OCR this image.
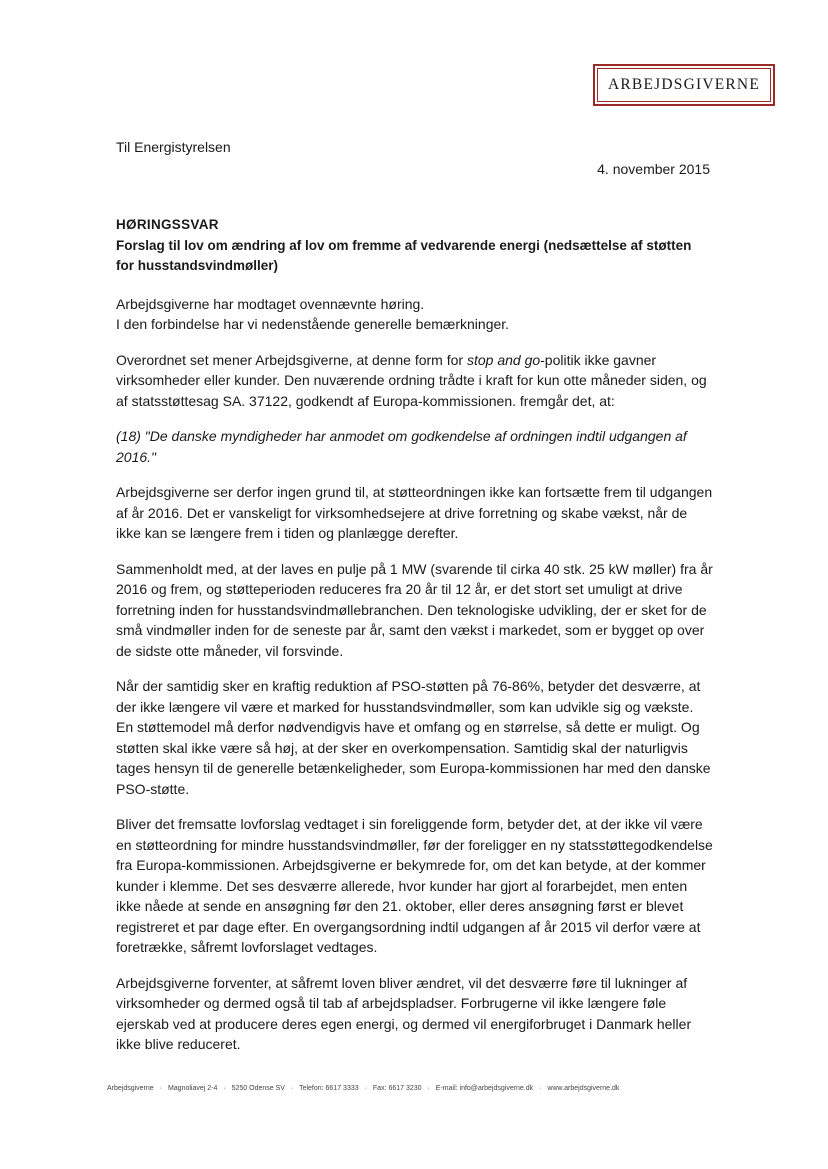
ARBEJDSGIVERNE
Til Energistyrelsen
4. november 2015
HØRINGSSVAR
Forslag til lov om ændring af lov om fremme af vedvarende energi (nedsættelse af støtten for husstandsvindmøller)

Arbejdsgiverne har modtaget ovennævnte høring.
I den forbindelse har vi nedenstående generelle bemærkninger.

Overordnet set mener Arbejdsgiverne, at denne form for stop and go-politik ikke gavner virksomheder eller kunder. Den nuværende ordning trådte i kraft for kun otte måneder siden, og af statsstøttesag SA. 37122, godkendt af Europa-kommissionen. fremgår det, at:

(18) "De danske myndigheder har anmodet om godkendelse af ordningen indtil udgangen af 2016."

Arbejdsgiverne ser derfor ingen grund til, at støtteordningen ikke kan fortsætte frem til udgangen af år 2016. Det er vanskeligt for virksomhedsejere at drive forretning og skabe vækst, når de ikke kan se længere frem i tiden og planlægge derefter.

Sammenholdt med, at der laves en pulje på 1 MW (svarende til cirka 40 stk. 25 kW møller) fra år 2016 og frem, og støtteperioden reduceres fra 20 år til 12 år, er det stort set umuligt at drive forretning inden for husstandsvindmøllebranchen. Den teknologiske udvikling, der er sket for de små vindmøller inden for de seneste par år, samt den vækst i markedet, som er bygget op over de sidste otte måneder, vil forsvinde.

Når der samtidig sker en kraftig reduktion af PSO-støtten på 76-86%, betyder det desværre, at der ikke længere vil være et marked for husstandsvindmøller, som kan udvikle sig og vækste. En støttemodel må derfor nødvendigvis have et omfang og en størrelse, så dette er muligt. Og støtten skal ikke være så høj, at der sker en overkompensation. Samtidig skal der naturligvis tages hensyn til de generelle betænkeligheder, som Europa-kommissionen har med den danske PSO-støtte.

Bliver det fremsatte lovforslag vedtaget i sin foreliggende form, betyder det, at der ikke vil være en støtteordning for mindre husstandsvindmøller, før der foreligger en ny statsstøttegodkendelse fra Europa-kommissionen. Arbejdsgiverne er bekymrede for, om det kan betyde, at der kommer kunder i klemme. Det ses desværre allerede, hvor kunder har gjort al forarbejdet, men enten ikke nåede at sende en ansøgning før den 21. oktober, eller deres ansøgning først er blevet registreret et par dage efter. En overgangsordning indtil udgangen af år 2015 vil derfor være at foretrække, såfremt lovforslaget vedtages.

Arbejdsgiverne forventer, at såfremt loven bliver ændret, vil det desværre føre til lukninger af virksomheder og dermed også til tab af arbejdspladser. Forbrugerne vil ikke længere føle ejerskab ved at producere deres egen energi, og dermed vil energiforbruget i Danmark heller ikke blive reduceret.

Arbejdsgiverne · Magnoliavej 2-4 · 5250 Odense SV · Telefon: 6617 3333 · Fax: 6617 3230 · E-mail: info@arbejdsgiverne.dk · www.arbejdsgiverne.dk
